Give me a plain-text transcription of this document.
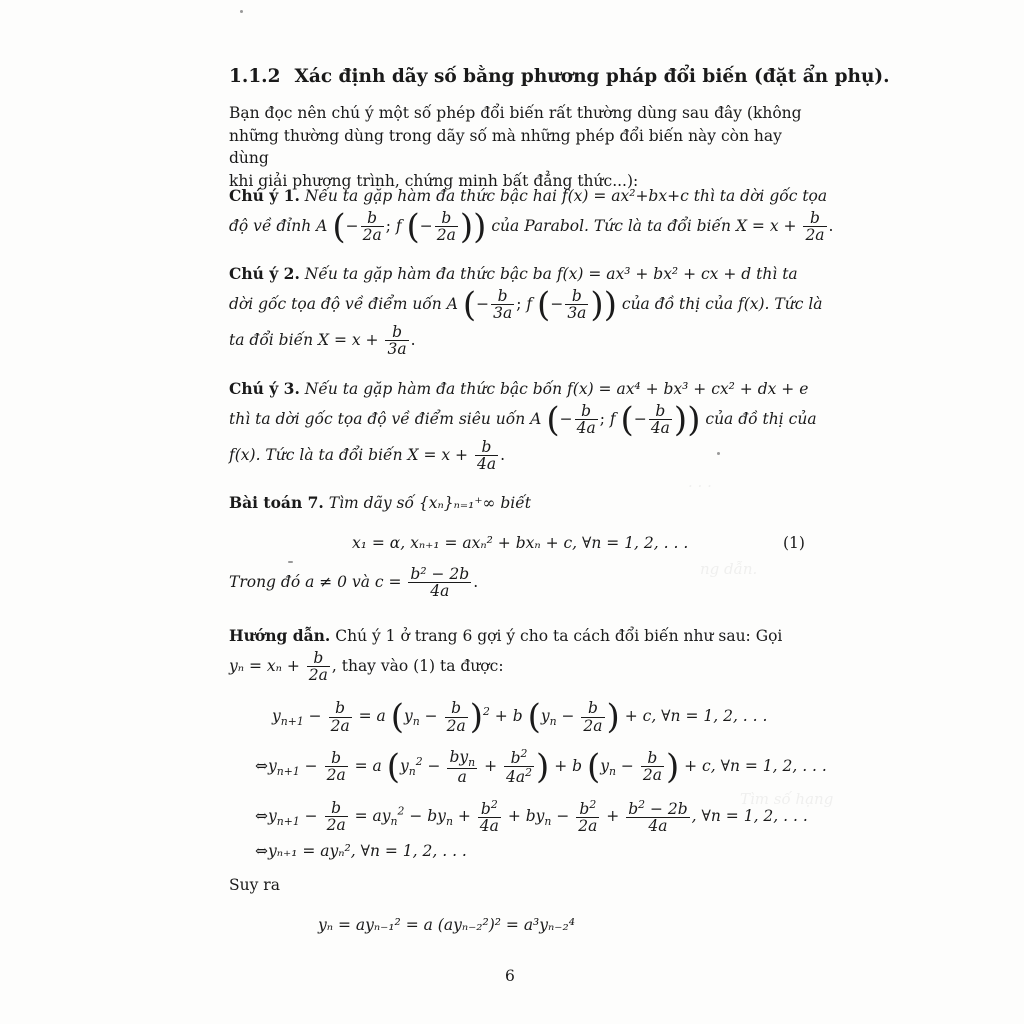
. . .
ng dẫn.
Tìm số hạng
1.1.2 Xác định dãy số bằng phương pháp đổi biến (đặt ẩn phụ).
Bạn đọc nên chú ý một số phép đổi biến rất thường dùng sau đây (không
những thường dùng trong dãy số mà những phép đổi biến này còn hay dùng
khi giải phương trình, chứng minh bất đẳng thức...):
Chú ý 1. Nếu ta gặp hàm đa thức bậc hai f(x) = ax²+bx+c thì ta dời gốc tọa
độ về đỉnh A (− $\frac{b}{2a}$ ; f (− $\frac{b}{2a}$ )) của Parabol. Tức là ta đổi biến $X = x + \frac{b}{2a}$ .
Chú ý 2. Nếu ta gặp hàm đa thức bậc ba f(x) = ax³ + bx² + cx + d thì ta
dời gốc tọa độ về điểm uốn A (− $\frac{b}{3a}$ ; f (− $\frac{b}{3a}$ )) của đồ thị của f(x). Tức là
ta đổi biến $X = x + \frac{b}{3a}$ .
Chú ý 3. Nếu ta gặp hàm đa thức bậc bốn f(x) = ax⁴ + bx³ + cx² + dx + e
thì ta dời gốc tọa độ về điểm siêu uốn A (− $\frac{b}{4a}$ ; f (− $\frac{b}{4a}$ )) của đồ thị của
f(x). Tức là ta đổi biến $X = x + \frac{b}{4a}$ .
Bài toán 7. Tìm dãy số {xₙ}ₙ₌₁⁺∞ biết
x₁ = α, xₙ₊₁ = axₙ² + bxₙ + c, ∀n = 1, 2, . . .	(1)
Trong đó a ≠ 0 và $c = \frac{\text{b² − 2b}}{4a}$ .
Hướng dẫn. Chú ý 1 ở trang 6 gợi ý cho ta cách đổi biến như sau: Gọi
$y_n = x_n + \frac{b}{2a}$ , thay vào (1) ta được:
$y_{n+1} - \frac{b}{2a} = a$ $(y_n - \frac{b}{2a} )^2 + b$ ($y_n - \frac{b}{2a}$ ) + c, ∀n = 1, 2, . . .
$\Leftrightarrow y_{n+1} - \frac{b}{2a} = a$ ($y_n^2 - \frac{by_n}{a} + \frac{b^2}{4a^2}$ ) + b ($y_n - \frac{b}{2a}$ ) + c, ∀n = 1, 2, . . .
$\Leftrightarrow y_{n+1} - \frac{b}{2a} = ay_n^2 - by_n + \frac{b^2}{4a} + by_n - \frac{b^2}{2a} + \frac{b^2 - 2b}{4a}$ , ∀n = 1, 2, . . .
⇔yₙ₊₁ = ayₙ², ∀n = 1, 2, . . .
Suy ra
yₙ = ayₙ₋₁² = a (ayₙ₋₂²)² = a³yₙ₋₂⁴
6
